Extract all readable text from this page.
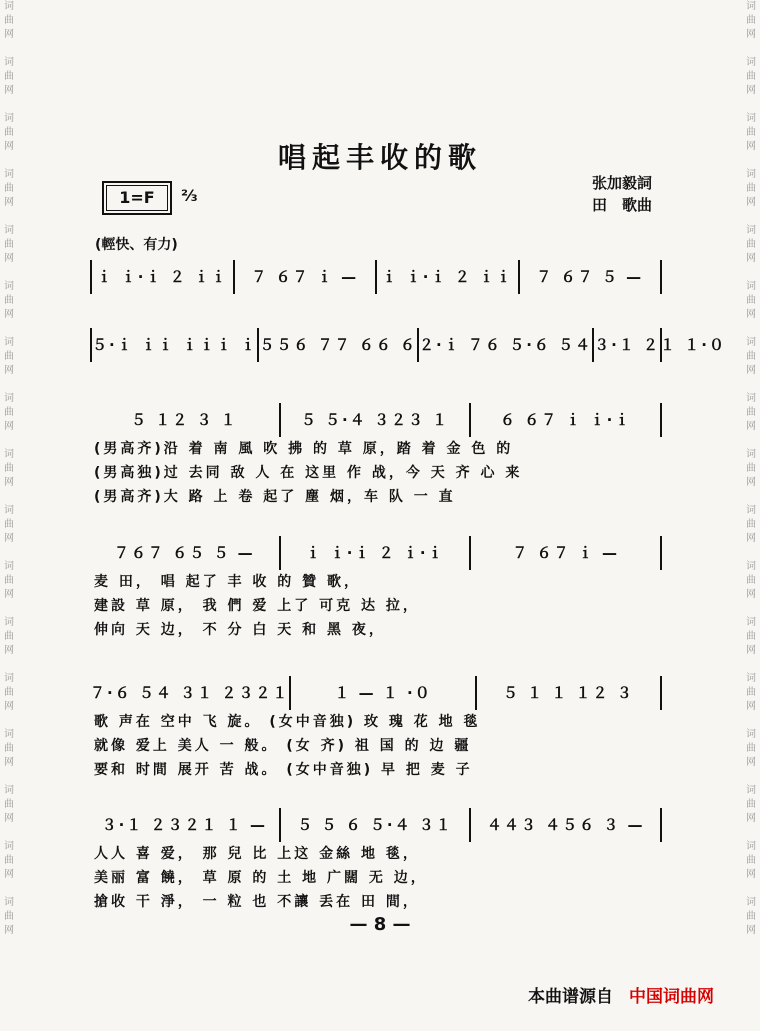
词
曲
网

词
曲
网

词
曲
网

词
曲
网

词
曲
网

词
曲
网

词
曲
网

词
曲
网

词
曲
网

词
曲
网

词
曲
网

词
曲
网

词
曲
网

词
曲
网

词
曲
网

词
曲
网

词
曲
网

词
曲
网

词
曲
网

词
曲
网

词
曲
网

词
曲
网

词
曲
网

词
曲
网

词
曲
网

词
曲
网

词
曲
网

词
曲
网

词
曲
网

词
曲
网

词
曲
网

词
曲
网

词
曲
网

词
曲
网

唱起丰收的歌
1=F	⅔
张加毅詞
田　歌曲
(輕快、有力)
ｉ ｉ·ｉ ２ ｉｉ	７ ６７ ｉ —	ｉ ｉ·ｉ ２ ｉｉ	７ ６７ ５ —
５·ｉ ｉｉ ｉｉｉ ｉ ５５６ ７７ ６６ ６ ２·ｉ ７６ ５·６ ５４ ３·１ ２１ １·０
５ １２ ３ １	５ ５·４ ３２３ １	６ ６７ ｉ ｉ·ｉ
(男高齐)沿 着 南 風 吹 拂 的 草 原，踏 着 金 色 的
(男高独)过 去同 敌 人 在 这里 作 战，今 天 齐 心 来
(男高齐)大 路 上 卷 起了 塵 烟，车 队 一 直
７６７ ６５ ５ —	ｉ ｉ·ｉ ２ ｉ·ｉ	７ ６７ ｉ —
麦 田， 唱 起了 丰 收 的 贊 歌，
建設 草 原， 我 們 爱 上了 可克 达 拉，
伸向 天 边， 不 分 白 天 和 黑 夜，
７·６ ５４ ３１ ２３２１	１ — １ ·０	５ １ １ １２ ３
歌 声在 空中 飞 旋。 (女中音独) 玫 瑰 花 地 毯
就像 爱上 美人 一 般。 (女 齐) 祖 国 的 边 疆
要和 时間 展开 苦 战。 (女中音独) 早 把 麦 子
３·１ ２３２１ １ —	５ ５ ６ ５·４ ３１	４４３ ４５６ ３ —
人人 喜 爱， 那 兒 比 上这 金絲 地 毯，
美丽 富 饒， 草 原 的 土 地 广闊 无 边，
搶收 干 淨， 一 粒 也 不讓 丢在 田 間，
— 8 —
本曲谱源自 中国词曲网
